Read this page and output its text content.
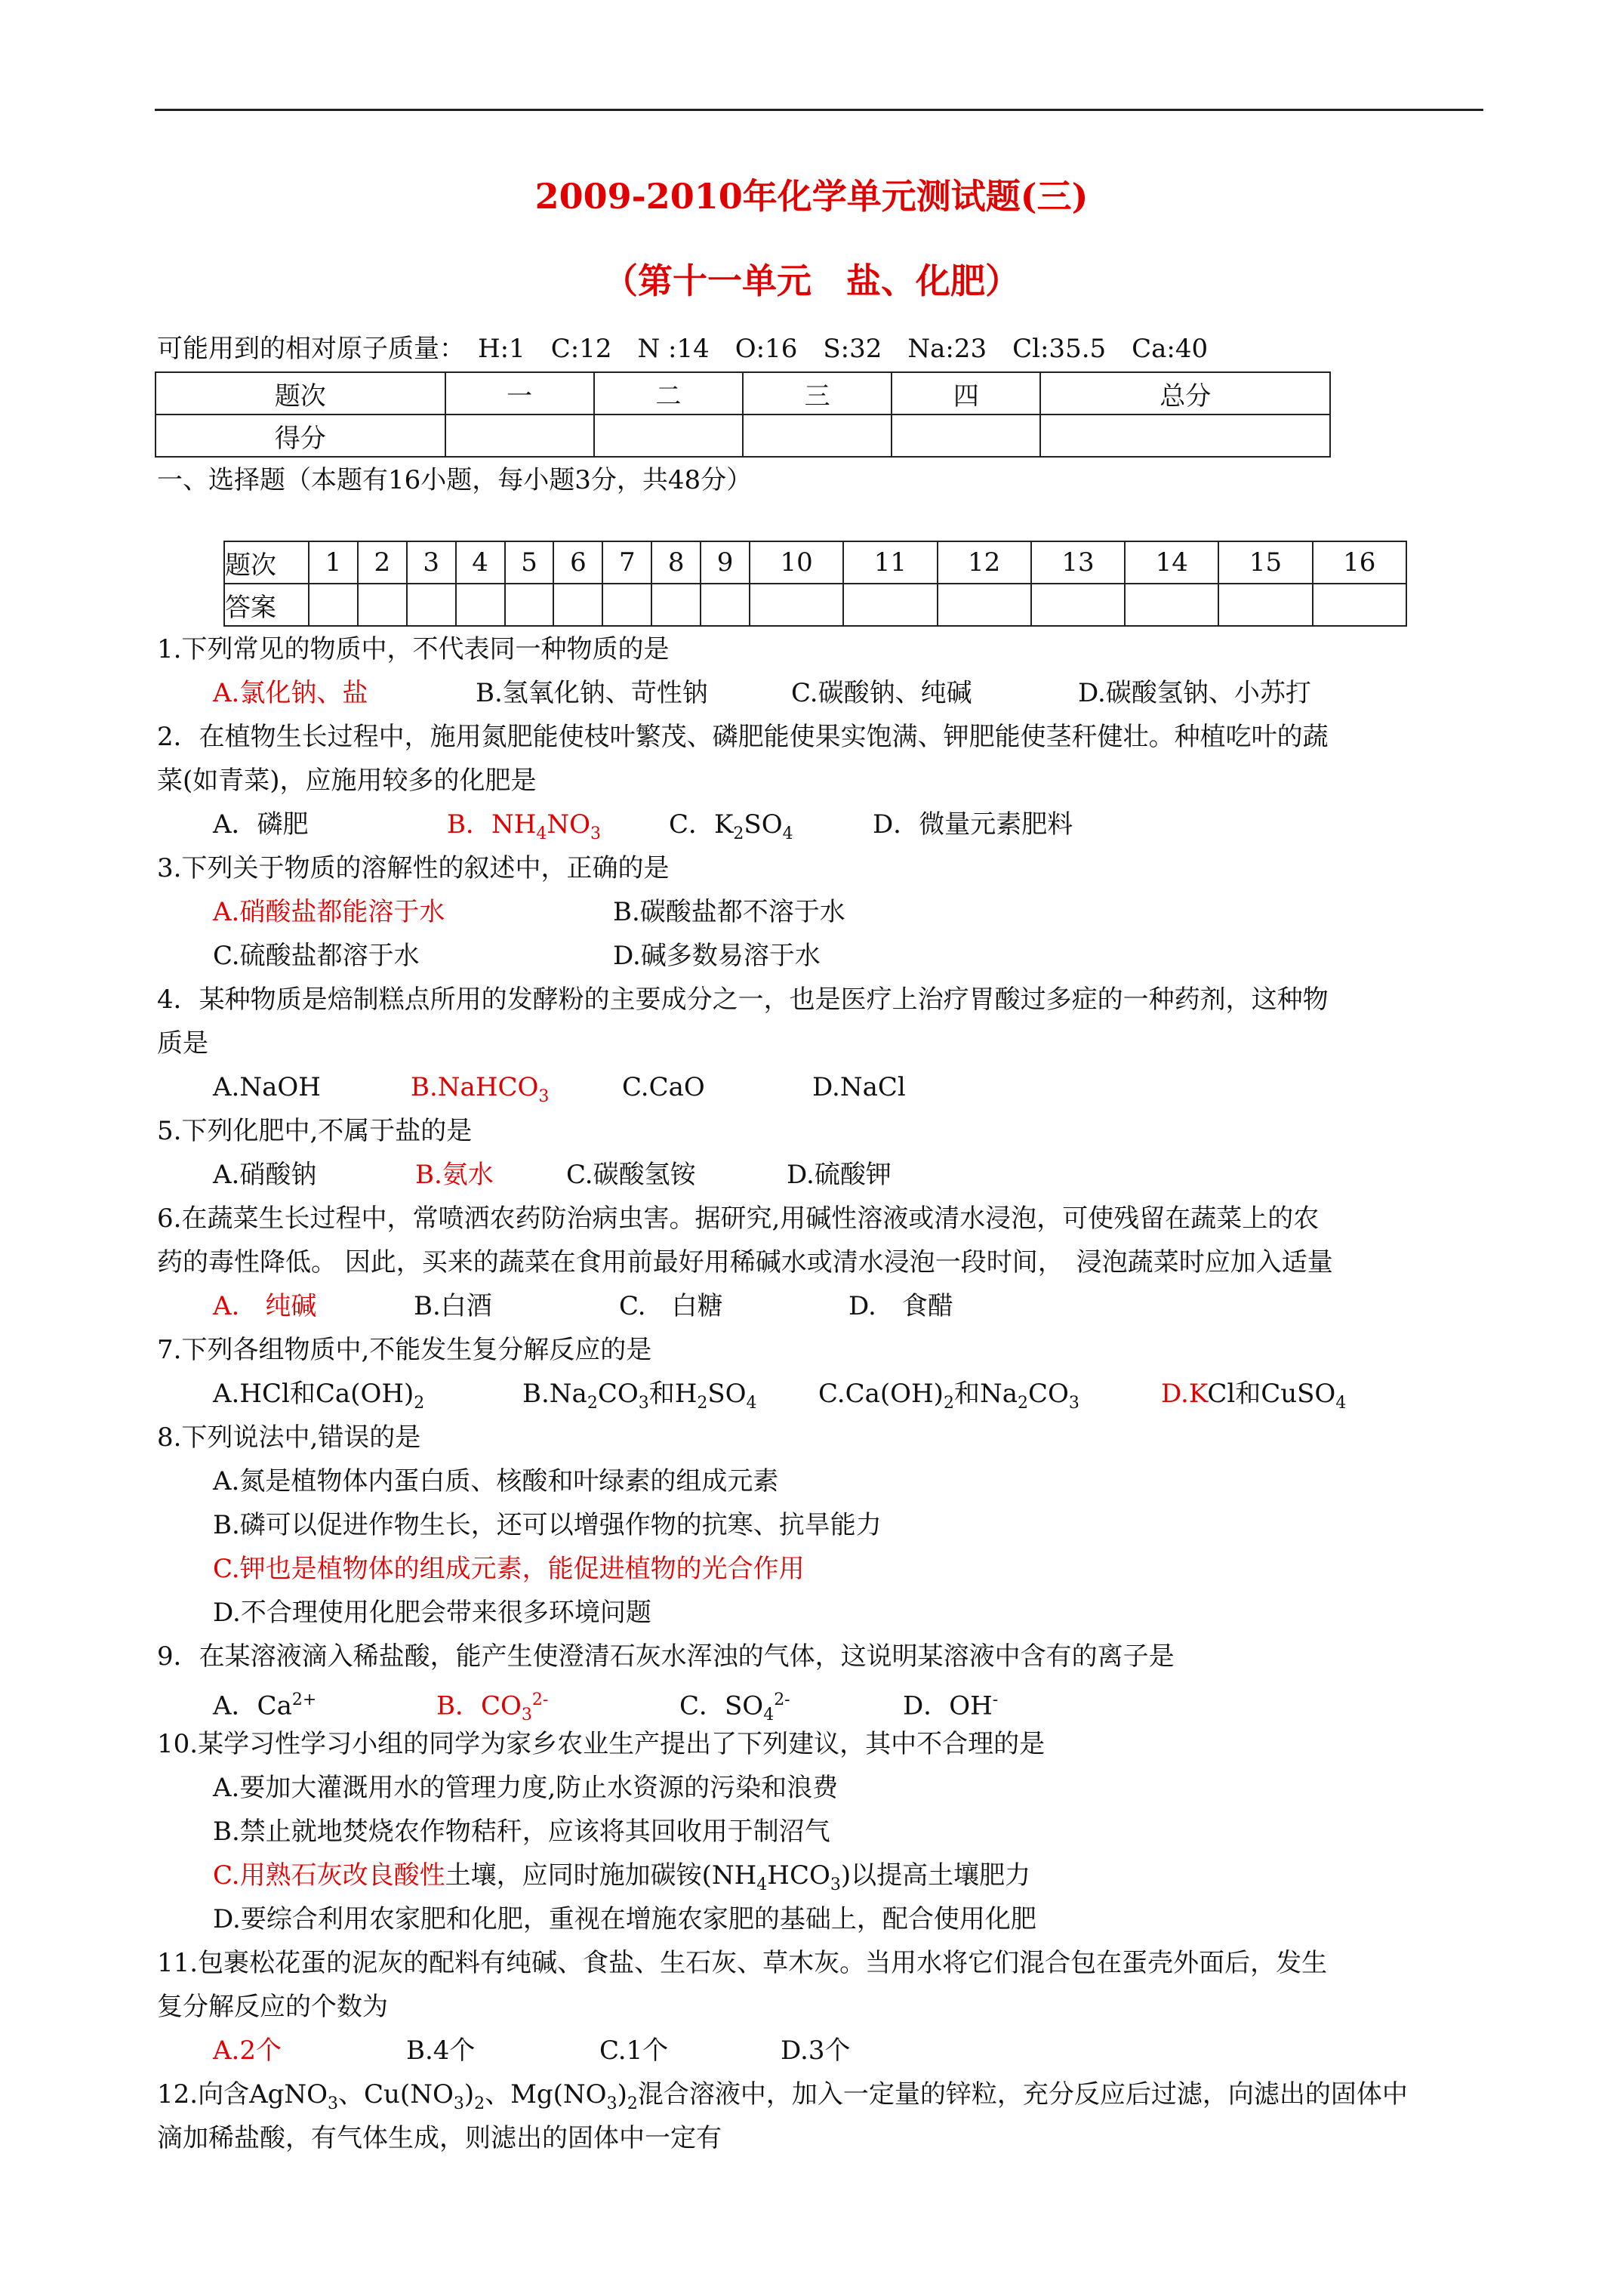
2009-2010年化学单元测试题(三)
（第十一单元　盐、化肥）
可能用到的相对原子质量：　H:1　C:12　N :14　O:16　S:32　Na:23　Cl:35.5　Ca:40
题次	一	二	三	四	总分
得分					
一、选择题（本题有16小题，每小题3分，共48分）
题次	1	2	3	4	5	6	7	8	9	10	11	12	13	14	15	16
答案																
1.下列常见的物质中，不代表同一种物质的是
A.氯化钠、盐	B.氢氧化钠、苛性钠	C.碳酸钠、纯碱	D.碳酸氢钠、小苏打
2．在植物生长过程中，施用氮肥能使枝叶繁茂、磷肥能使果实饱满、钾肥能使茎秆健壮。种植吃叶的蔬
菜(如青菜)，应施用较多的化肥是
A．磷肥	B．$NH_4NO_3$	C．$K_2SO_4$	D．微量元素肥料
3.下列关于物质的溶解性的叙述中，正确的是
A.硝酸盐都能溶于水	B.碳酸盐都不溶于水
C.硫酸盐都溶于水	D.碱多数易溶于水
4．某种物质是焙制糕点所用的发酵粉的主要成分之一，也是医疗上治疗胃酸过多症的一种药剂，这种物
质是
A.NaOH	B.NaHCO$_3$	C.CaO	D.NaCl
5.下列化肥中,不属于盐的是
A.硝酸钠	B.氨水	C.碳酸氢铵	D.硫酸钾
6.在蔬菜生长过程中，常喷洒农药防治病虫害。据研究,用碱性溶液或清水浸泡，可使残留在蔬菜上的农
药的毒性降低。 因此，买来的蔬菜在食用前最好用稀碱水或清水浸泡一段时间，　浸泡蔬菜时应加入适量
A.　纯碱	B.白酒	C.　白糖	D.　食醋
7.下列各组物质中,不能发生复分解反应的是
A.HCl和$Ca(OH)_2$	$B.Na_2CO_3$和$H_2SO_4$ $C.Ca(OH)_2$和$Na_2CO_3$	D.KCl和CuSO$_4$
8.下列说法中,错误的是
A.氮是植物体内蛋白质、核酸和叶绿素的组成元素
B.磷可以促进作物生长，还可以增强作物的抗寒、抗旱能力
C.钾也是植物体的组成元素，能促进植物的光合作用
D.不合理使用化肥会带来很多环境问题
9．在某溶液滴入稀盐酸，能产生使澄清石灰水浑浊的气体，这说明某溶液中含有的离子是
A．$Ca^{2+}$	B．$CO_3^{2-}$	C．$SO_4^{2-}$	D．OH-
10.某学习性学习小组的同学为家乡农业生产提出了下列建议，其中不合理的是
A.要加大灌溉用水的管理力度,防止水资源的污染和浪费
B.禁止就地焚烧农作物秸秆，应该将其回收用于制沼气
C.用熟石灰改良酸性土壤，应同时施加碳铵$(NH_4HCO_3)$以提高土壤肥力
D.要综合利用农家肥和化肥，重视在增施农家肥的基础上，配合使用化肥
11.包裹松花蛋的泥灰的配料有纯碱、食盐、生石灰、草木灰。当用水将它们混合包在蛋壳外面后，发生
复分解反应的个数为
A.2个	B.4个	C.1个	D.3个
12.向含AgNO$_3$、$Cu(NO_3)_2$、$Mg(NO_3)_2$混合溶液中，加入一定量的锌粒，充分反应后过滤，向滤出的固体中
滴加稀盐酸，有气体生成，则滤出的固体中一定有
